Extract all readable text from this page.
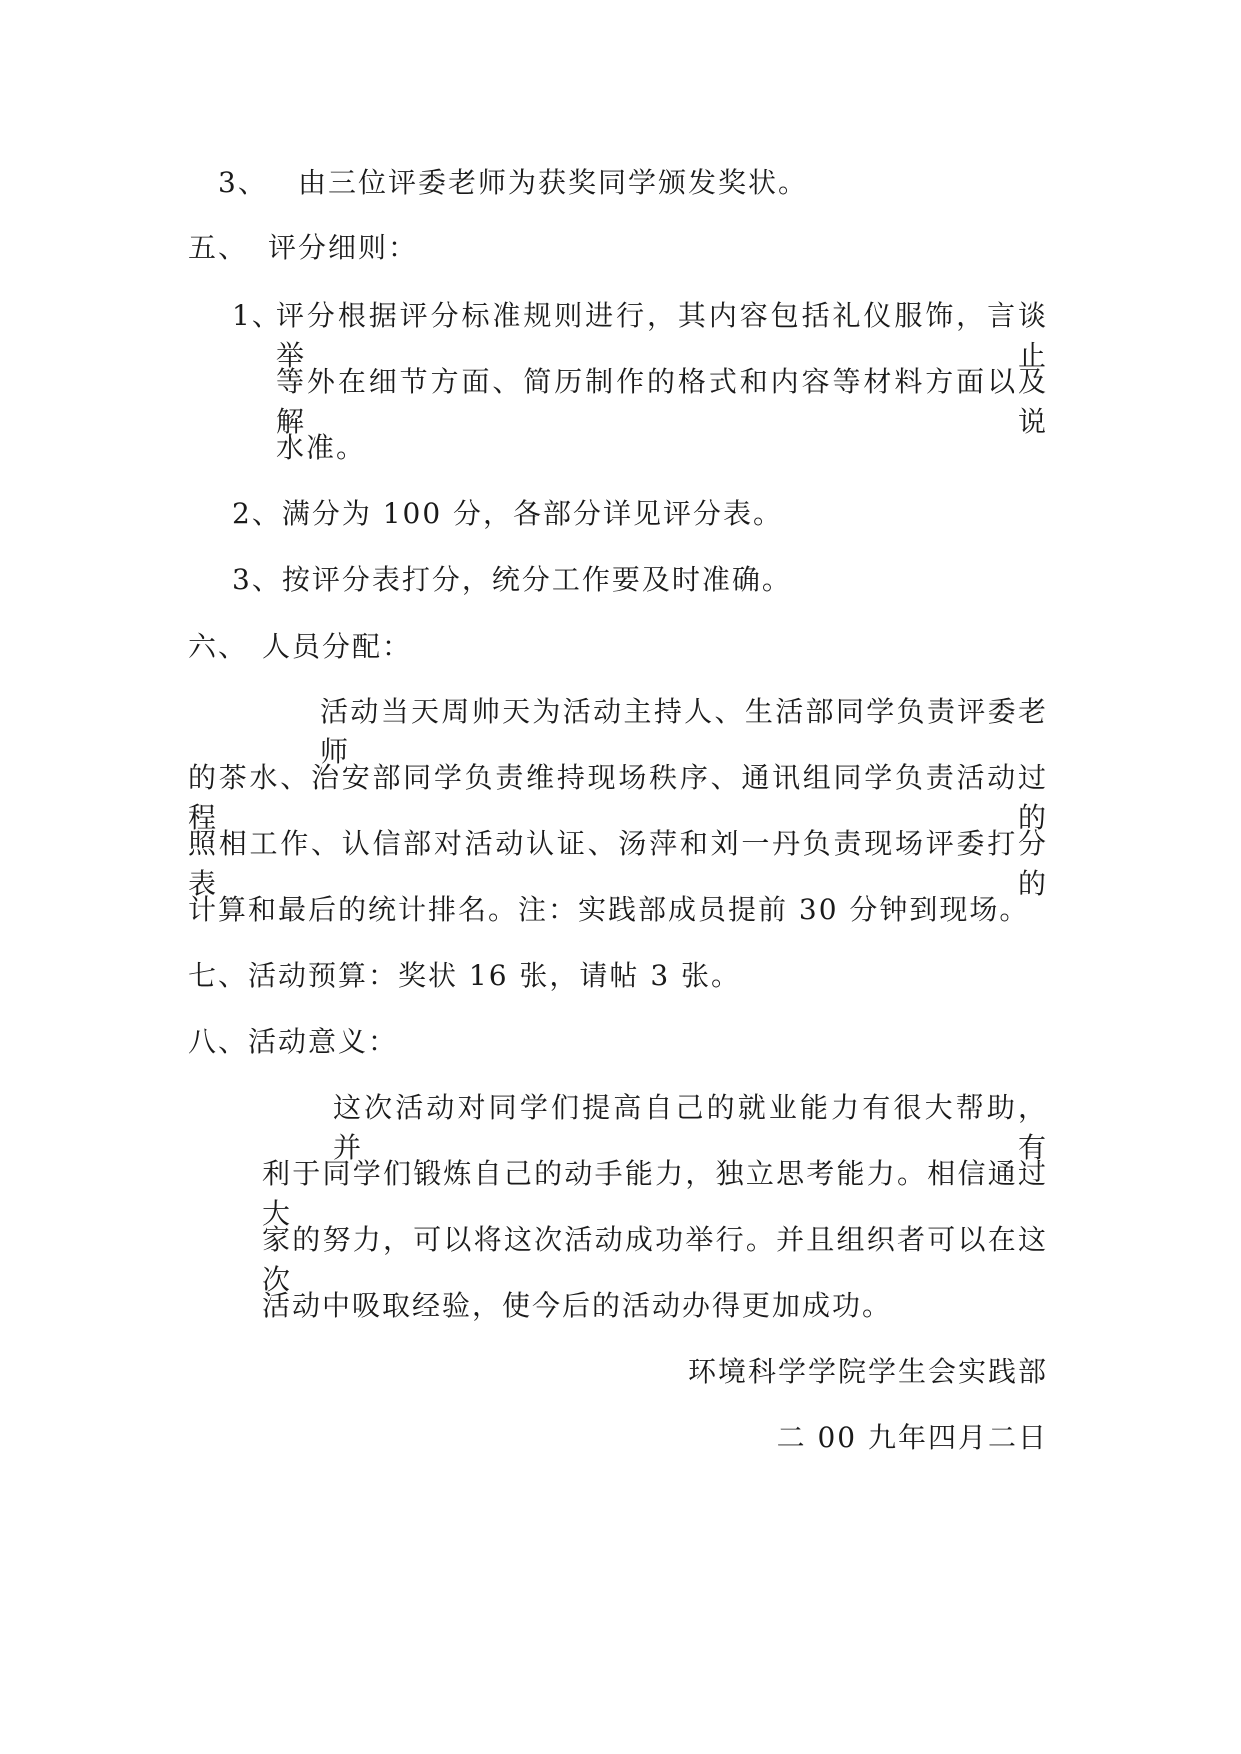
3、 由三位评委老师为获奖同学颁发奖状。
五、 评分细则：
1、
评分根据评分标准规则进行，其内容包括礼仪服饰，言谈举止
等外在细节方面、简历制作的格式和内容等材料方面以及解说
水准。
2、满分为 100 分，各部分详见评分表。
3、按评分表打分，统分工作要及时准确。
六、 人员分配：
活动当天周帅天为活动主持人、生活部同学负责评委老师
的茶水、治安部同学负责维持现场秩序、通讯组同学负责活动过程的
照相工作、认信部对活动认证、汤萍和刘一丹负责现场评委打分表的
计算和最后的统计排名。注：实践部成员提前 30 分钟到现场。
七、活动预算：奖状 16 张，请帖 3 张。
八、活动意义：
这次活动对同学们提高自己的就业能力有很大帮助，并有
利于同学们锻炼自己的动手能力，独立思考能力。相信通过大
家的努力，可以将这次活动成功举行。并且组织者可以在这次
活动中吸取经验，使今后的活动办得更加成功。
环境科学学院学生会实践部
二 00 九年四月二日
